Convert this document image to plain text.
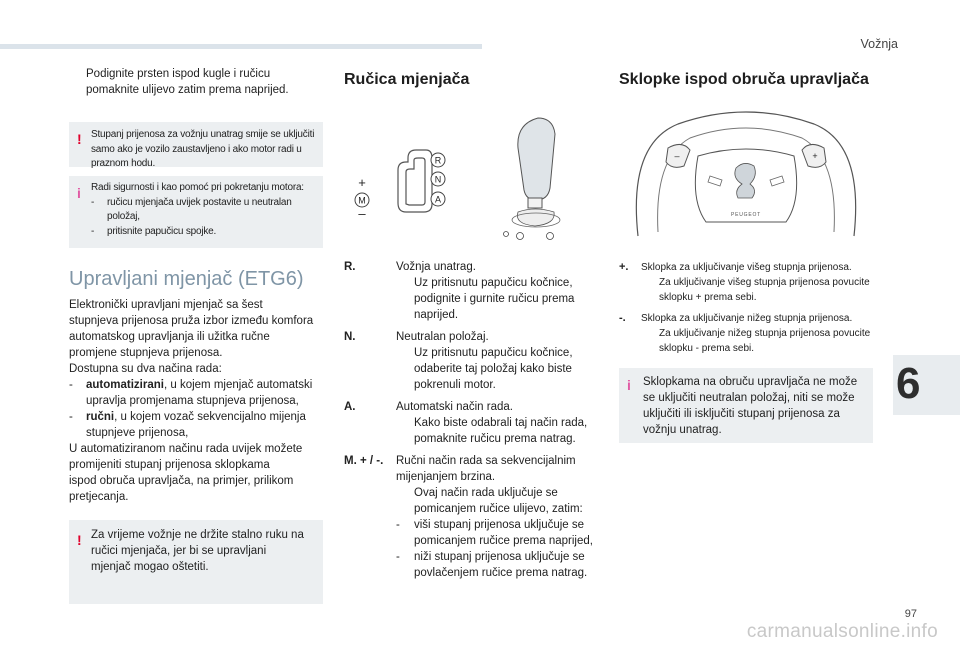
Vožnja
6
97
carmanualsonline.info
Podignite prsten ispod kugle i ručicu pomaknite ulijevo zatim prema naprijed.
! Stupanj prijenosa za vožnju unatrag smije se uključiti samo ako je vozilo zaustavljeno i ako motor radi u praznom hodu.
i Radi sigurnosti i kao pomoć pri pokretanju motora:
-	ručicu mjenjača uvijek postavite u neutralan položaj,
-	pritisnite papučicu spojke.
Upravljani mjenjač (ETG6)
Elektronički upravljani mjenjač sa šest
stupnjeva prijenosa pruža izbor između komfora
automatskog upravljanja ili užitka ručne
promjene stupnjeva prijenosa.
Dostupna su dva načina rada:
-	automatizirani, u kojem mjenjač automatski
upravlja promjenama stupnjeva prijenosa,
-	ručni, u kojem vozač sekvencijalno mijenja
stupnjeve prijenosa,
U automatiziranom načinu rada uvijek možete
promijeniti stupanj prijenosa sklopkama
ispod obruča upravljača, na primjer, prilikom
pretjecanja.
! Za vrijeme vožnje ne držite stalno ruku na ručici mjenjača, jer bi se upravljani mjenjač mogao oštetiti.
Ručica mjenjača
R
N
A
M
+
–
R.	Vožnja unatrag.
Uz pritisnutu papučicu kočnice, podignite i gurnite ručicu prema naprijed.
N.	Neutralan položaj.
Uz pritisnutu papučicu kočnice, odaberite taj položaj kako biste pokrenuli motor.
A.	Automatski način rada.
Kako biste odabrali taj način rada, pomaknite ručicu prema natrag.
M. + / -.	Ručni način rada sa sekvencijalnim mijenjanjem brzina.
Ovaj način rada uključuje se pomicanjem ručice ulijevo, zatim:
-	viši stupanj prijenosa uključuje se pomicanjem ručice prema naprijed,
-	niži stupanj prijenosa uključuje se povlačenjem ručice prema natrag.
Sklopke ispod obruča upravljača
PEUGEOT
–	+
+.	Sklopka za uključivanje višeg stupnja prijenosa.
Za uključivanje višeg stupnja prijenosa povucite sklopku + prema sebi.
-.	Sklopka za uključivanje nižeg stupnja prijenosa.
Za uključivanje nižeg stupnja prijenosa povucite sklopku - prema sebi.
i Sklopkama na obruču upravljača ne može se uključiti neutralan položaj, niti se može uključiti ili isključiti stupanj prijenosa za vožnju unatrag.
